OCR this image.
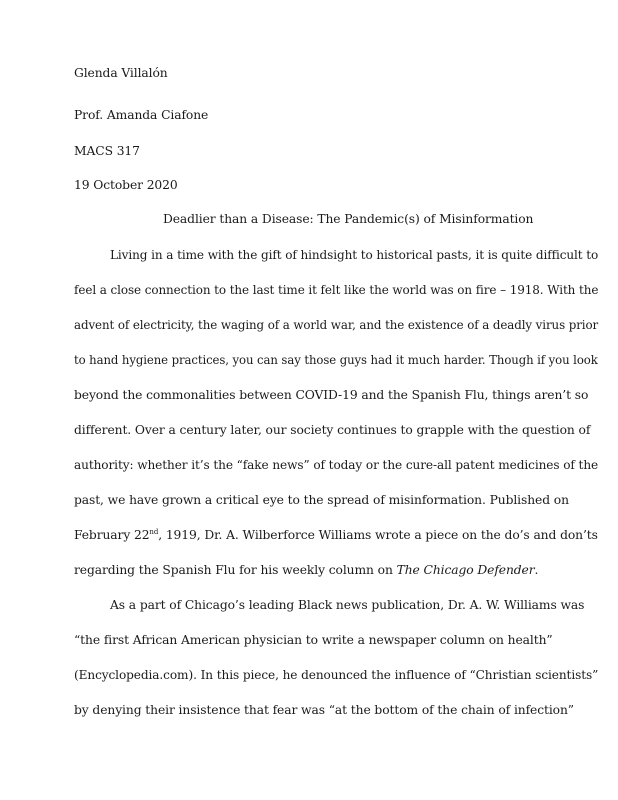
Glenda Villalón
Prof. Amanda Ciafone
MACS 317
19 October 2020
Deadlier than a Disease: The Pandemic(s) of Misinformation
Living in a time with the gift of hindsight to historical pasts, it is quite difficult to
feel a close connection to the last time it felt like the world was on fire – 1918. With the
advent of electricity, the waging of a world war, and the existence of a deadly virus prior
to hand hygiene practices, you can say those guys had it much harder. Though if you look
beyond the commonalities between COVID-19 and the Spanish Flu, things aren’t so
different. Over a century later, our society continues to grapple with the question of
authority: whether it’s the “fake news” of today or the cure-all patent medicines of the
past, we have grown a critical eye to the spread of misinformation. Published on
February 22nd, 1919, Dr. A. Wilberforce Williams wrote a piece on the do’s and don’ts
regarding the Spanish Flu for his weekly column on The Chicago Defender.
As a part of Chicago’s leading Black news publication, Dr. A. W. Williams was
“the first African American physician to write a newspaper column on health”
(Encyclopedia.com). In this piece, he denounced the influence of “Christian scientists”
by denying their insistence that fear was “at the bottom of the chain of infection”
